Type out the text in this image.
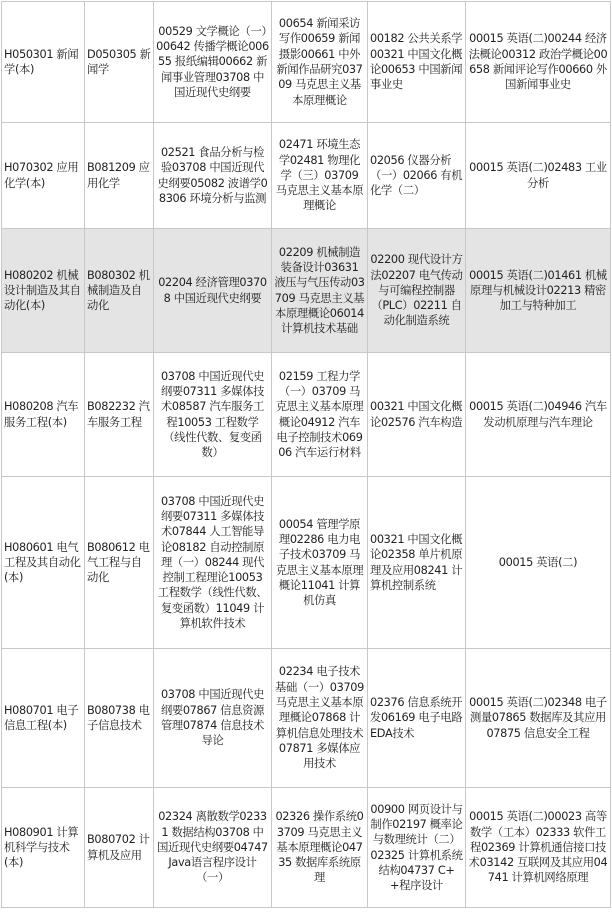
H050301 新闻学(本)	D050305 新闻学	00529 文学概论（一）00642 传播学概论00655 报纸编辑00662 新闻事业管理03708 中国近现代史纲要	00654 新闻采访写作00659 新闻摄影00661 中外新闻作品研究03709 马克思主义基本原理概论	00182 公共关系学00321 中国文化概论00653 中国新闻事业史	00015 英语(二)00244 经济法概论00312 政治学概论00658 新闻评论写作00660 外国新闻事业史
H070302 应用化学(本)	B081209 应用化学	02521 食品分析与检验03708 中国近现代史纲要05082 波谱学08306 环境分析与监测	02471 环境生态学02481 物理化学（三）03709 马克思主义基本原理概论	02056 仪器分析（一）02066 有机化学（二）	00015 英语(二)02483 工业分析
H080202 机械设计制造及其自动化(本)	B080302 机械制造及自动化	02204 经济管理03708 中国近现代史纲要	02209 机械制造装备设计03631 液压与气压传动03709 马克思主义基本原理概论06014 计算机技术基础	02200 现代设计方法02207 电气传动与可编程控制器（PLC）02211 自动化制造系统	00015 英语(二)01461 机械原理与机械设计02213 精密加工与特种加工
H080208 汽车服务工程(本)	B082232 汽车服务工程	03708 中国近现代史纲要07311 多媒体技术08587 汽车服务工程10053 工程数学（线性代数、复变函数）	02159 工程力学（一）03709 马克思主义基本原理概论04912 汽车电子控制技术06906 汽车运行材料	00321 中国文化概论02576 汽车构造	00015 英语(二)04946 汽车发动机原理与汽车理论
H080601 电气工程及其自动化(本)	B080612 电气工程与自动化	03708 中国近现代史纲要07311 多媒体技术07844 人工智能导论08182 自动控制原理（一）08244 现代控制工程理论10053 工程数学（线性代数、复变函数）11049 计算机软件技术	00054 管理学原理02286 电力电子技术03709 马克思主义基本原理概论11041 计算机仿真	00321 中国文化概论02358 单片机原理及应用08241 计算机控制系统	00015 英语(二)
H080701 电子信息工程(本)	B080738 电子信息技术	03708 中国近现代史纲要07867 信息资源管理07874 信息技术导论	02234 电子技术基础（一）03709 马克思主义基本原理概论07868 计算机信息处理技术07871 多媒体应用技术	02376 信息系统开发06169 电子电路EDA技术	00015 英语(二)02348 电子测量07865 数据库及其应用07875 信息安全工程
H080901 计算机科学与技术(本)	B080702 计算机及应用	02324 离散数学02331 数据结构03708 中国近现代史纲要04747 Java语言程序设计（一）	02326 操作系统03709 马克思主义基本原理概论04735 数据库系统原理	00900 网页设计与制作02197 概率论与数理统计（二）02325 计算机系统结构04737 C++程序设计	00015 英语(二)00023 高等数学（工本）02333 软件工程02369 计算机通信接口技术03142 互联网及其应用04741 计算机网络原理
